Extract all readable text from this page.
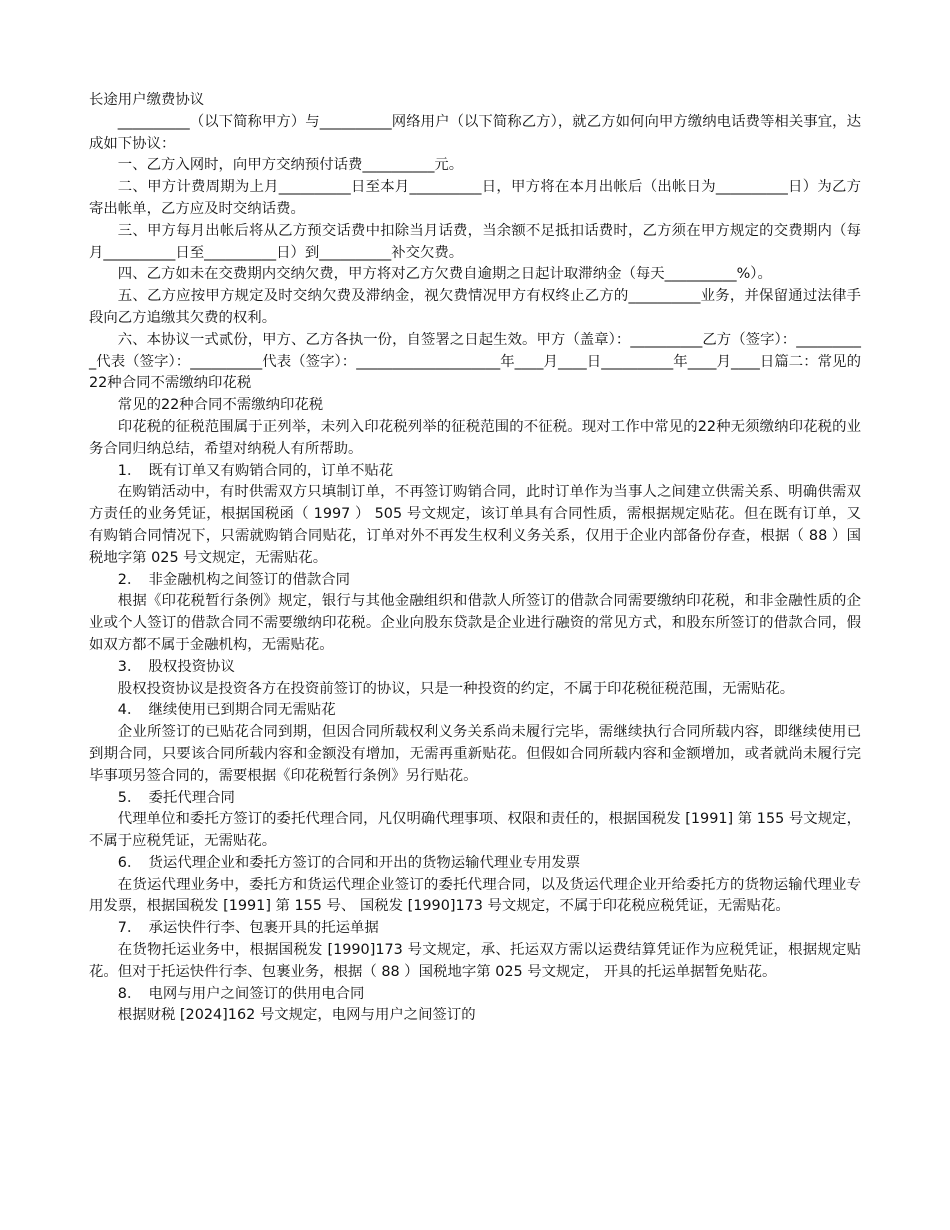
长途用户缴费协议

__________（以下简称甲方）与__________网络用户（以下简称乙方），就乙方如何向甲方缴纳电话费等相关事宜，达成如下协议：

一、乙方入网时，向甲方交纳预付话费__________元。

二、甲方计费周期为上月__________日至本月__________日，甲方将在本月出帐后（出帐日为__________日）为乙方寄出帐单，乙方应及时交纳话费。

三、甲方每月出帐后将从乙方预交话费中扣除当月话费，当余额不足抵扣话费时，乙方须在甲方规定的交费期内（每月__________日至__________日）到__________补交欠费。

四、乙方如未在交费期内交纳欠费，甲方将对乙方欠费自逾期之日起计取滞纳金（每天__________%）。

五、乙方应按甲方规定及时交纳欠费及滞纳金，视欠费情况甲方有权终止乙方的__________业务，并保留通过法律手段向乙方追缴其欠费的权利。

六、本协议一式贰份，甲方、乙方各执一份，自签署之日起生效。甲方（盖章）：__________乙方（签字）：__________代表（签字）：__________代表（签字）：____________________年____月____日__________年____月____日篇二：常见的22种合同不需缴纳印花税

常见的22种合同不需缴纳印花税

印花税的征税范围属于正列举，未列入印花税列举的征税范围的不征税。现对工作中常见的22种无须缴纳印花税的业务合同归纳总结，希望对纳税人有所帮助。

1．　既有订单又有购销合同的，订单不贴花

在购销活动中，有时供需双方只填制订单，不再签订购销合同，此时订单作为当事人之间建立供需关系、明确供需双方责任的业务凭证，根据国税函（ 1997 ） 505 号文规定，该订单具有合同性质，需根据规定贴花。但在既有订单，又有购销合同情况下，只需就购销合同贴花，订单对外不再发生权利义务关系，仅用于企业内部备份存查，根据（ 88 ）国税地字第 025 号文规定，无需贴花。

2．　非金融机构之间签订的借款合同

根据《印花税暂行条例》规定，银行与其他金融组织和借款人所签订的借款合同需要缴纳印花税，和非金融性质的企业或个人签订的借款合同不需要缴纳印花税。企业向股东贷款是企业进行融资的常见方式，和股东所签订的借款合同，假如双方都不属于金融机构，无需贴花。

3．　股权投资协议

股权投资协议是投资各方在投资前签订的协议，只是一种投资的约定，不属于印花税征税范围，无需贴花。

4．　继续使用已到期合同无需贴花

企业所签订的已贴花合同到期，但因合同所载权利义务关系尚未履行完毕，需继续执行合同所载内容，即继续使用已到期合同，只要该合同所载内容和金额没有增加，无需再重新贴花。但假如合同所载内容和金额增加，或者就尚未履行完毕事项另签合同的，需要根据《印花税暂行条例》另行贴花。

5．　委托代理合同

代理单位和委托方签订的委托代理合同，凡仅明确代理事项、权限和责任的，根据国税发 [1991] 第 155 号文规定，不属于应税凭证，无需贴花。

6．　货运代理企业和委托方签订的合同和开出的货物运输代理业专用发票

在货运代理业务中，委托方和货运代理企业签订的委托代理合同，以及货运代理企业开给委托方的货物运输代理业专用发票，根据国税发 [1991] 第 155 号、 国税发 [1990]173 号文规定，不属于印花税应税凭证，无需贴花。

7．　承运快件行李、包裹开具的托运单据

在货物托运业务中，根据国税发 [1990]173 号文规定，承、托运双方需以运费结算凭证作为应税凭证，根据规定贴花。但对于托运快件行李、包裹业务，根据（ 88 ）国税地字第 025 号文规定， 开具的托运单据暂免贴花。

8．　电网与用户之间签订的供用电合同

根据财税 [2024]162 号文规定，电网与用户之间签订的
